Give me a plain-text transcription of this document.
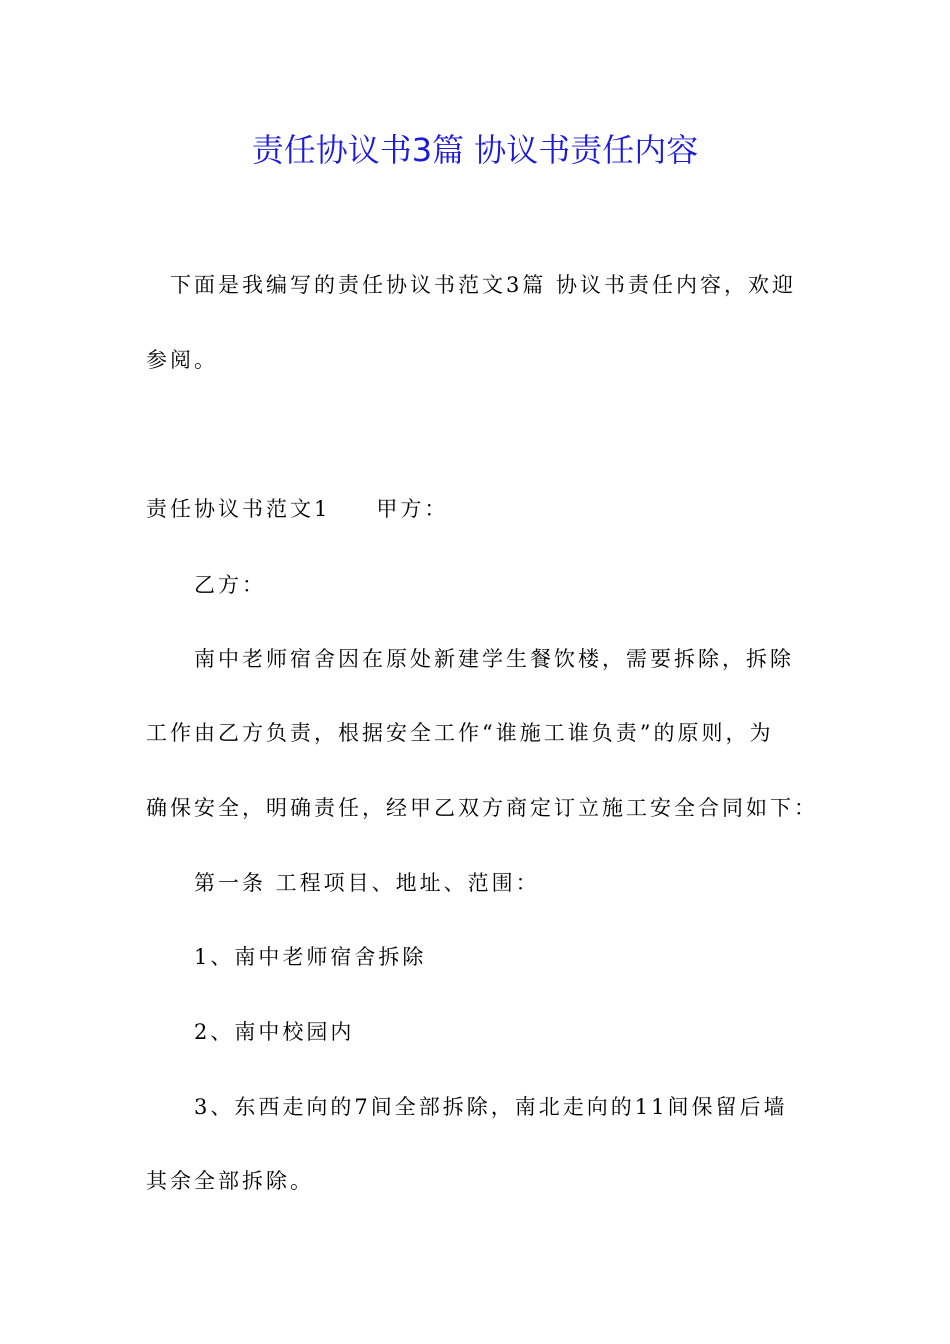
责任协议书3篇 协议书责任内容
下面是我编写的责任协议书范文3篇 协议书责任内容，欢迎
参阅。
责任协议书范文1 甲方：
乙方：
南中老师宿舍因在原处新建学生餐饮楼，需要拆除，拆除
工作由乙方负责，根据安全工作“谁施工谁负责”的原则，为
确保安全，明确责任，经甲乙双方商定订立施工安全合同如下：
第一条 工程项目、地址、范围：
1、南中老师宿舍拆除
2、南中校园内
3、东西走向的7间全部拆除，南北走向的11间保留后墙
其余全部拆除。
